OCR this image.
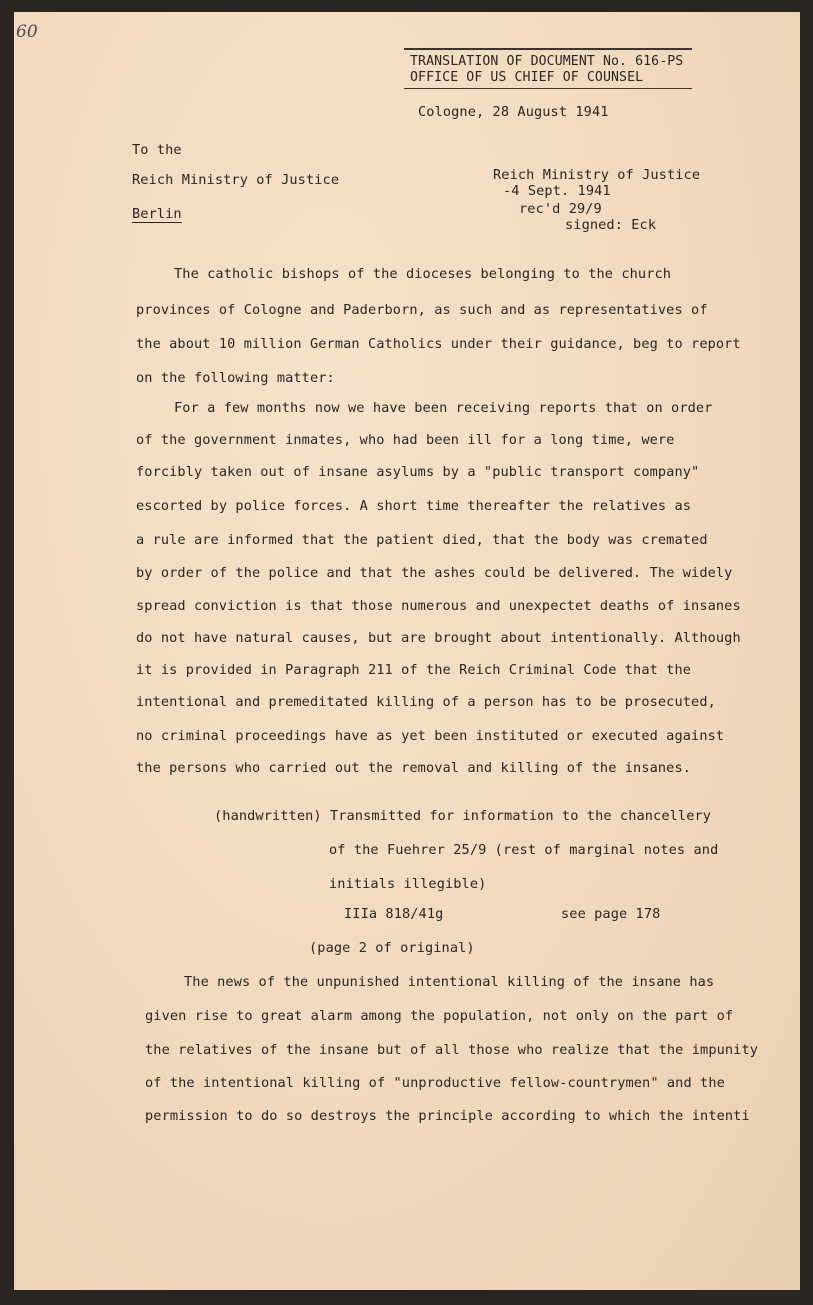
60
TRANSLATION OF DOCUMENT No. 616-PS
OFFICE OF US CHIEF OF COUNSEL
Cologne, 28 August 1941
To the
Reich Ministry of Justice
Berlin
Reich Ministry of Justice
-4 Sept. 1941
rec'd 29/9
signed: Eck
The catholic bishops of the dioceses belonging to the church
provinces of Cologne and Paderborn, as such and as representatives of
the about 10 million German Catholics under their guidance, beg to report
on the following matter:
For a few months now we have been receiving reports that on order
of the government inmates, who had been ill for a long time, were
forcibly taken out of insane asylums by a "public transport company"
escorted by police forces. A short time thereafter the relatives as
a rule are informed that the patient died, that the body was cremated
by order of the police and that the ashes could be delivered. The widely
spread conviction is that those numerous and unexpectet deaths of insanes
do not have natural causes, but are brought about intentionally. Although
it is provided in Paragraph 211 of the Reich Criminal Code that the
intentional and premeditated killing of a person has to be prosecuted,
no criminal proceedings have as yet been instituted or executed against
the persons who carried out the removal and killing of the insanes.
(handwritten) Transmitted for information to the chancellery
of the Fuehrer 25/9 (rest of marginal notes and
initials illegible)
IIIa 818/41g	see page 178
(page 2 of original)
The news of the unpunished intentional killing of the insane has
given rise to great alarm among the population, not only on the part of
the relatives of the insane but of all those who realize that the impunity
of the intentional killing of "unproductive fellow-countrymen" and the
permission to do so destroys the principle according to which the intenti
